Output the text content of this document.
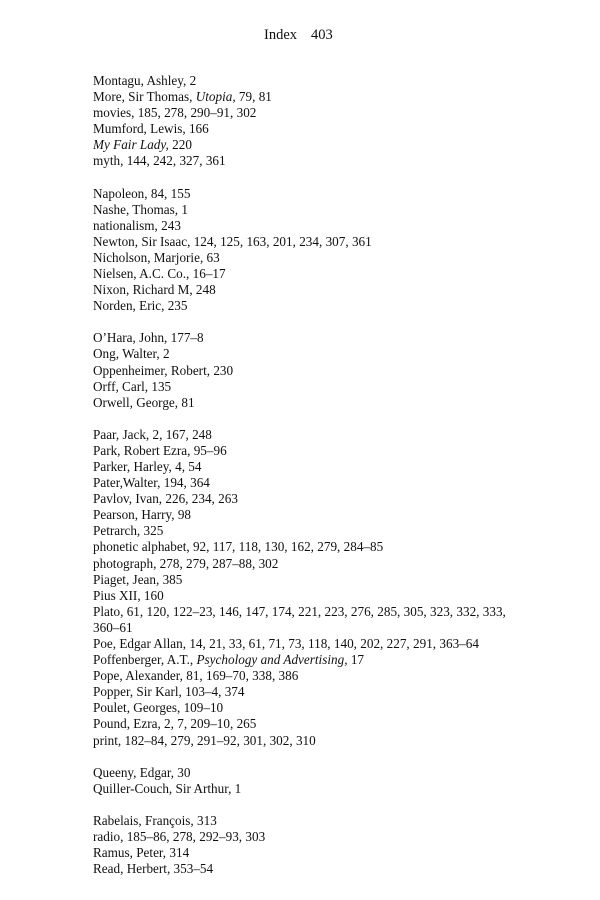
Index 403
Montagu, Ashley, 2
More, Sir Thomas, Utopia, 79, 81
movies, 185, 278, 290–91, 302
Mumford, Lewis, 166
My Fair Lady, 220
myth, 144, 242, 327, 361
Napoleon, 84, 155
Nashe, Thomas, 1
nationalism, 243
Newton, Sir Isaac, 124, 125, 163, 201, 234, 307, 361
Nicholson, Marjorie, 63
Nielsen, A.C. Co., 16–17
Nixon, Richard M, 248
Norden, Eric, 235
O’Hara, John, 177–8
Ong, Walter, 2
Oppenheimer, Robert, 230
Orff, Carl, 135
Orwell, George, 81
Paar, Jack, 2, 167, 248
Park, Robert Ezra, 95–96
Parker, Harley, 4, 54
Pater,Walter, 194, 364
Pavlov, Ivan, 226, 234, 263
Pearson, Harry, 98
Petrarch, 325
phonetic alphabet, 92, 117, 118, 130, 162, 279, 284–85
photograph, 278, 279, 287–88, 302
Piaget, Jean, 385
Pius XII, 160
Plato, 61, 120, 122–23, 146, 147, 174, 221, 223, 276, 285, 305, 323, 332, 333, 360–61
Poe, Edgar Allan, 14, 21, 33, 61, 71, 73, 118, 140, 202, 227, 291, 363–64
Poffenberger, A.T., Psychology and Advertising, 17
Pope, Alexander, 81, 169–70, 338, 386
Popper, Sir Karl, 103–4, 374
Poulet, Georges, 109–10
Pound, Ezra, 2, 7, 209–10, 265
print, 182–84, 279, 291–92, 301, 302, 310
Queeny, Edgar, 30
Quiller-Couch, Sir Arthur, 1
Rabelais, François, 313
radio, 185–86, 278, 292–93, 303
Ramus, Peter, 314
Read, Herbert, 353–54
